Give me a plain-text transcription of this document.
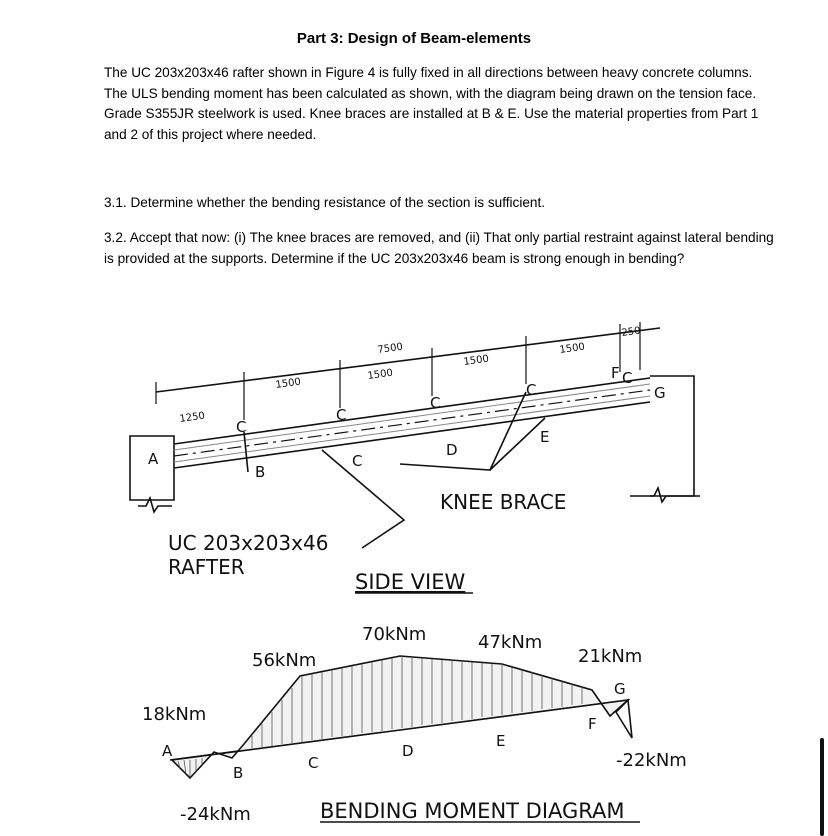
Part 3: Design of Beam-elements

The UC 203x203x46 rafter shown in Figure 4 is fully fixed in all directions between heavy concrete columns. The ULS bending moment has been calculated as shown, with the diagram being drawn on the tension face. Grade S355JR steelwork is used. Knee braces are installed at B & E. Use the material properties from Part 1 and 2 of this project where needed.

3.1. Determine whether the bending resistance of the section is sufficient.

3.2. Accept that now: (i) The knee braces are removed, and (ii) That only partial restraint against lateral bending is provided at the supports. Determine if the UC 203x203x46 beam is strong enough in bending?

1250
1500
1500
1500
1500
7500
250
C
C
C
C
C
A
B
C
D
E
F
G
KNEE BRACE
UC 203x203x46
RAFTER
SIDE VIEW
18kNm
-24kNm
56kNm
70kNm	47kNm
21kNm
-22kNm
A
B
C
D
E
F
G
BENDING MOMENT DIAGRAM
